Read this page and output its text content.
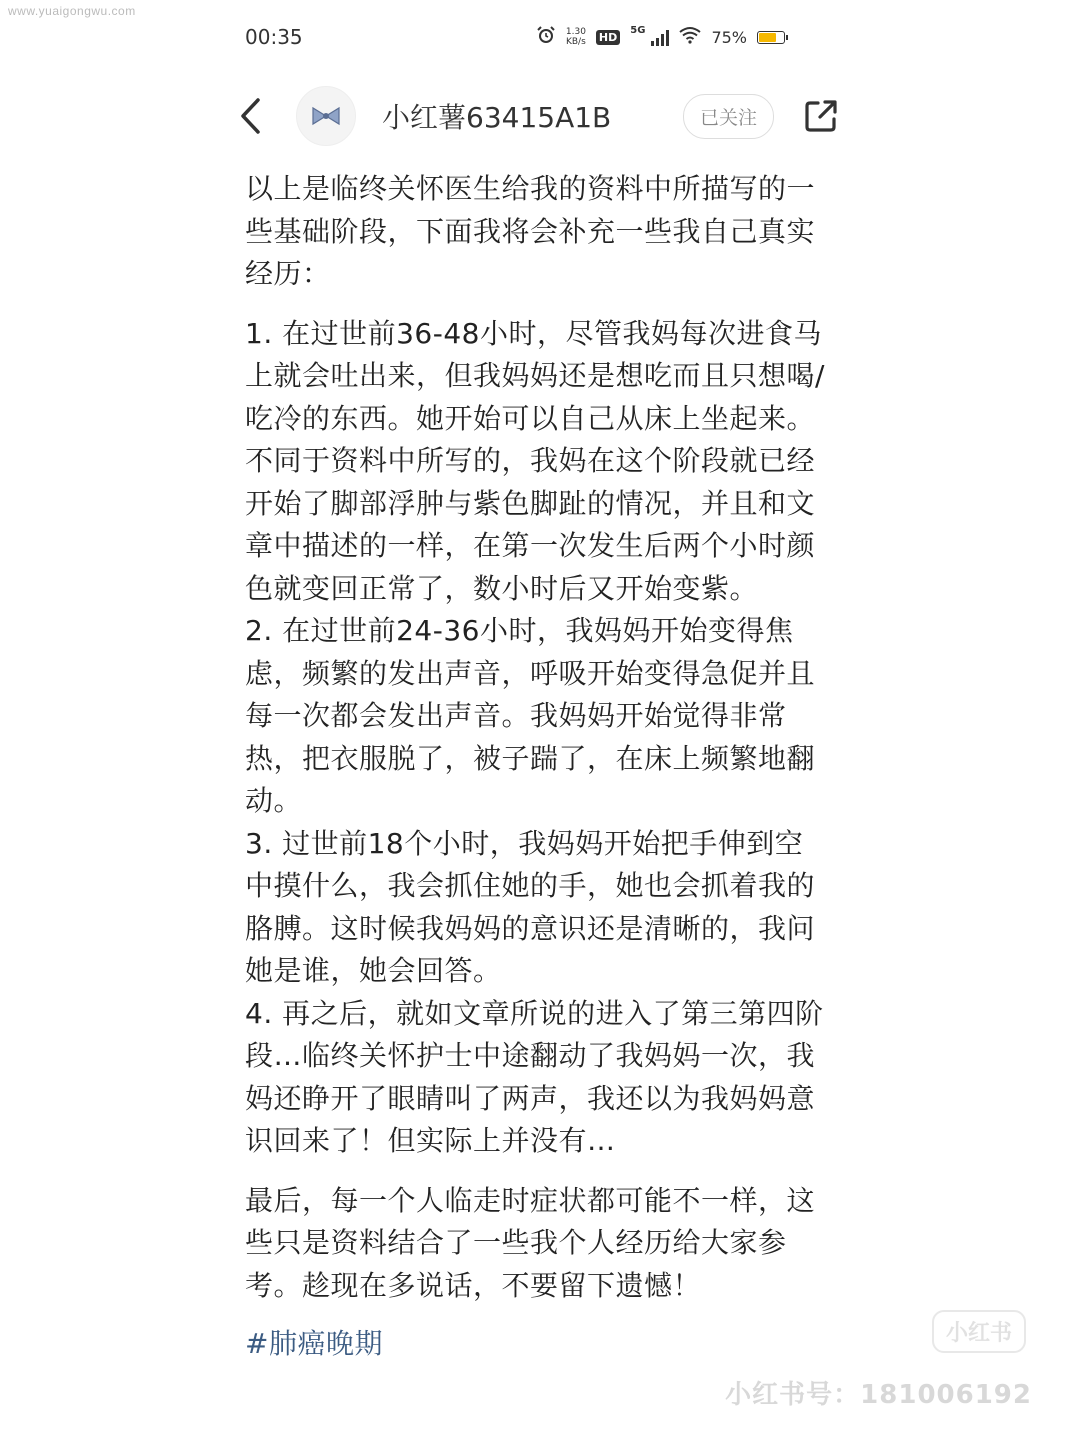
www.yuaigongwu.com
00:35	1.30
KB/s HD
5G	75%
小红薯63415A1B	已关注

以上是临终关怀医生给我的资料中所描写的一些基础阶段，下面我将会补充一些我自己真实经历：

1. 在过世前36-48小时，尽管我妈每次进食马上就会吐出来，但我妈妈还是想吃而且只想喝/吃冷的东西。她开始可以自己从床上坐起来。不同于资料中所写的，我妈在这个阶段就已经开始了脚部浮肿与紫色脚趾的情况，并且和文章中描述的一样，在第一次发生后两个小时颜色就变回正常了，数小时后又开始变紫。

2. 在过世前24-36小时，我妈妈开始变得焦虑，频繁的发出声音，呼吸开始变得急促并且每一次都会发出声音。我妈妈开始觉得非常热，把衣服脱了，被子踹了，在床上频繁地翻动。

3. 过世前18个小时，我妈妈开始把手伸到空中摸什么，我会抓住她的手，她也会抓着我的胳膊。这时候我妈妈的意识还是清晰的，我问她是谁，她会回答。

4. 再之后，就如文章所说的进入了第三第四阶段…临终关怀护士中途翻动了我妈妈一次，我妈还睁开了眼睛叫了两声，我还以为我妈妈意识回来了！但实际上并没有…

最后，每一个人临走时症状都可能不一样，这些只是资料结合了一些我个人经历给大家参考。趁现在多说话，不要留下遗憾！

#肺癌晚期	小红书
小红书号：181006192
